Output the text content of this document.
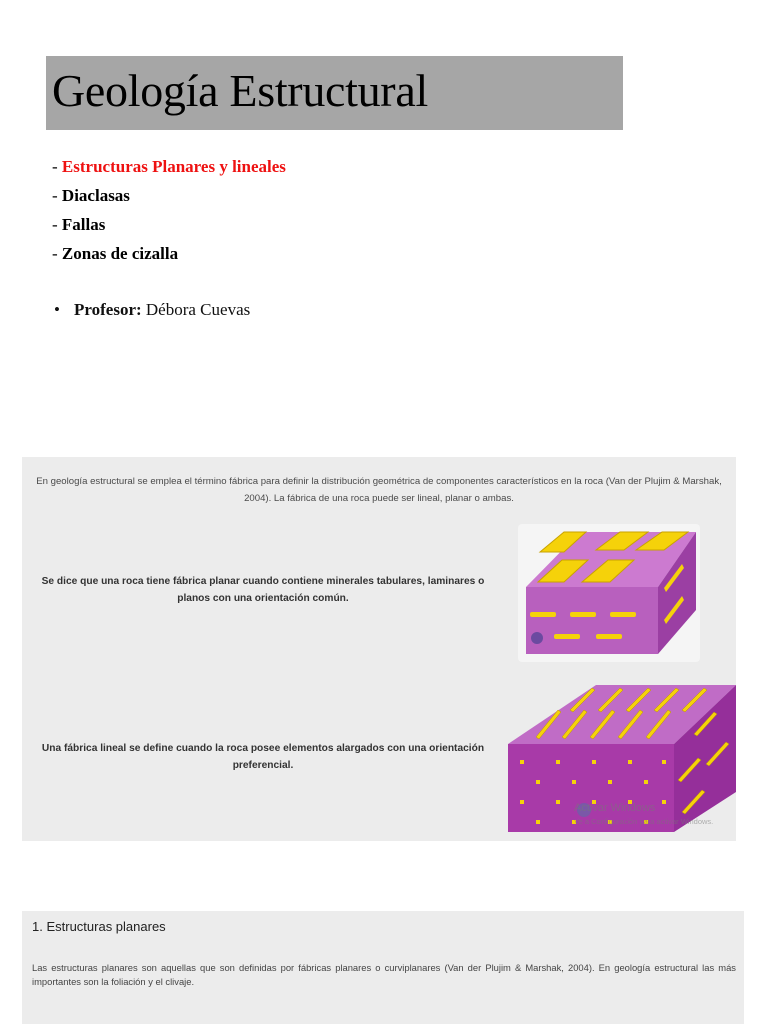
Geología Estructural
- Estructuras Planares y lineales
- Diaclasas
- Fallas
- Zonas de cizalla
• Profesor: Débora Cuevas
En geología estructural se emplea el término fábrica para definir la distribución geométrica de componentes característicos en la roca (Van der Plujim & Marshak, 2004). La fábrica de una roca puede ser lineal, planar o ambas.
Se dice que una roca tiene fábrica planar cuando contiene minerales tabulares, laminares o planos con una orientación común.
Una fábrica lineal se define cuando la roca posee elementos alargados con una orientación preferencial.
Activar Windows
Ve a Configuración para activar Windows.
1. Estructuras planares

Las estructuras planares son aquellas que son definidas por fábricas planares o curviplanares (Van der Plujim & Marshak, 2004). En geología estructural las más importantes son la foliación y el clivaje.
